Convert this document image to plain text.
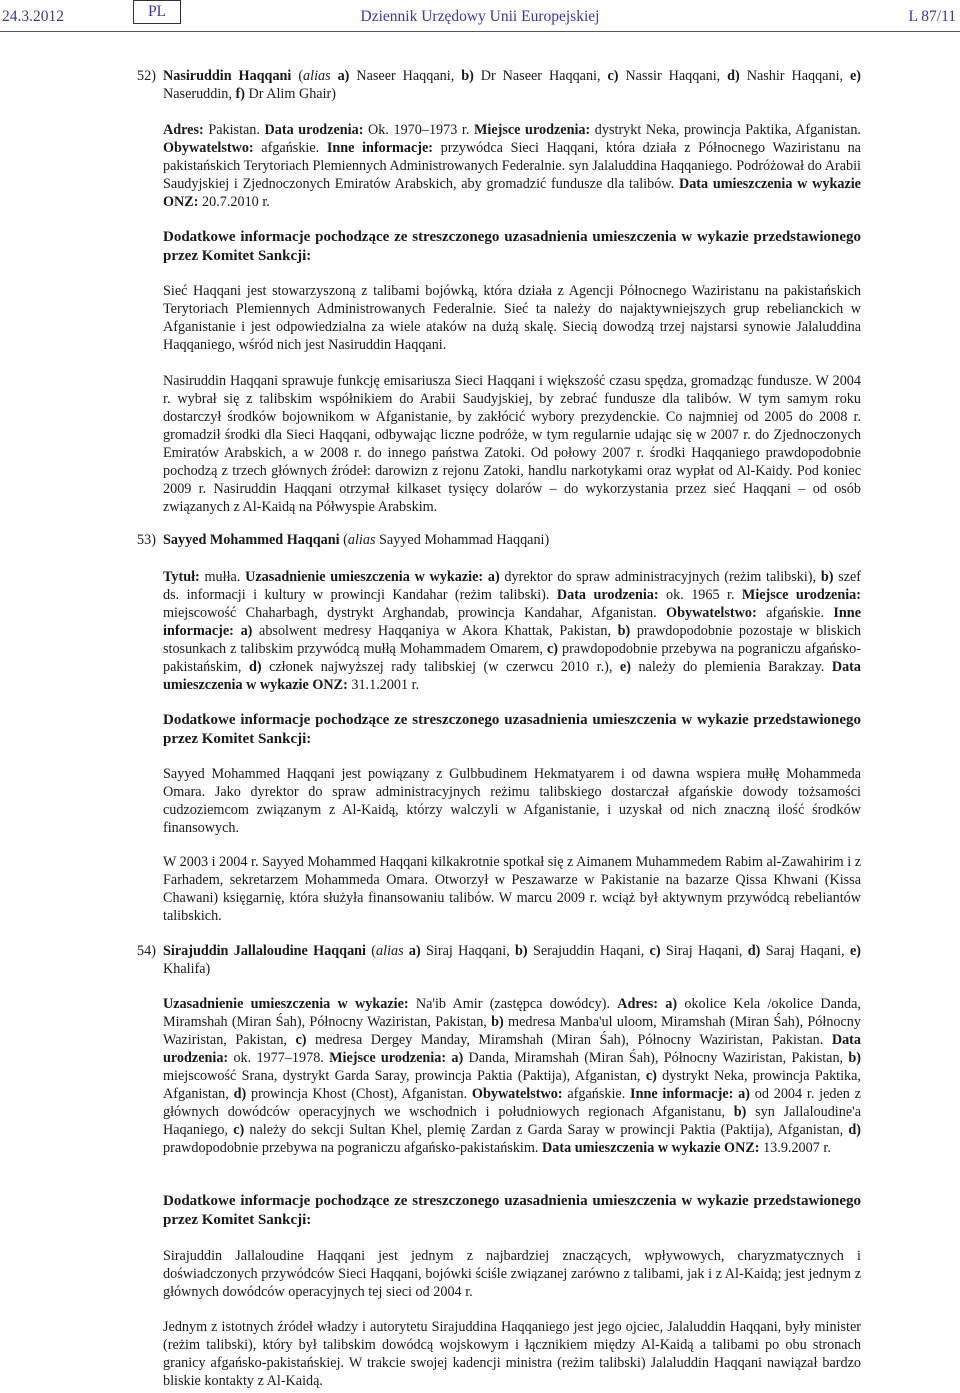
24.3.2012	PL	Dziennik Urzędowy Unii Europejskiej	L 87/11
52) Nasiruddin Haqqani (alias a) Naseer Haqqani, b) Dr Naseer Haqqani, c) Nassir Haqqani, d) Nashir Haqqani, e) Naseruddin, f) Dr Alim Ghair)
Adres: Pakistan. Data urodzenia: Ok. 1970–1973 r. Miejsce urodzenia: dystrykt Neka, prowincja Paktika, Afganistan. Obywatelstwo: afgańskie. Inne informacje: przywódca Sieci Haqqani, która działa z Północnego Waziristanu na pakistańskich Terytoriach Plemiennych Administrowanych Federalnie. syn Jalaluddina Haqqaniego. Podróżował do Arabii Saudyjskiej i Zjednoczonych Emiratów Arabskich, aby gromadzić fundusze dla talibów. Data umieszczenia w wykazie ONZ: 20.7.2010 r.
Dodatkowe informacje pochodzące ze streszczonego uzasadnienia umieszczenia w wykazie przedstawionego przez Komitet Sankcji:
Sieć Haqqani jest stowarzyszoną z talibami bojówką, która działa z Agencji Północnego Waziristanu na pakistańskich Terytoriach Plemiennych Administrowanych Federalnie. Sieć ta należy do najaktywniejszych grup rebelianckich w Afganistanie i jest odpowiedzialna za wiele ataków na dużą skalę. Siecią dowodzą trzej najstarsi synowie Jalaluddina Haqqaniego, wśród nich jest Nasiruddin Haqqani.
Nasiruddin Haqqani sprawuje funkcję emisariusza Sieci Haqqani i większość czasu spędza, gromadząc fundusze. W 2004 r. wybrał się z talibskim współnikiem do Arabii Saudyjskiej, by zebrać fundusze dla talibów. W tym samym roku dostarczył środków bojownikom w Afganistanie, by zakłócić wybory prezydenckie. Co najmniej od 2005 do 2008 r. gromadził środki dla Sieci Haqqani, odbywając liczne podróże, w tym regularnie udając się w 2007 r. do Zjednoczonych Emiratów Arabskich, a w 2008 r. do innego państwa Zatoki. Od połowy 2007 r. środki Haqqaniego prawdopodobnie pochodzą z trzech głównych źródeł: darowizn z rejonu Zatoki, handlu narkotykami oraz wypłat od Al-Kaidy. Pod koniec 2009 r. Nasiruddin Haqqani otrzymał kilkaset tysięcy dolarów – do wykorzystania przez sieć Haqqani – od osób związanych z Al-Kaidą na Półwyspie Arabskim.
53) Sayyed Mohammed Haqqani (alias Sayyed Mohammad Haqqani)
Tytuł: mułła. Uzasadnienie umieszczenia w wykazie: a) dyrektor do spraw administracyjnych (reżim talibski), b) szef ds. informacji i kultury w prowincji Kandahar (reżim talibski). Data urodzenia: ok. 1965 r. Miejsce urodzenia: miejscowość Chaharbagh, dystrykt Arghandab, prowincja Kandahar, Afganistan. Obywatelstwo: afgańskie. Inne informacje: a) absolwent medresy Haqqaniya w Akora Khattak, Pakistan, b) prawdopodobnie pozostaje w bliskich stosunkach z talibskim przywódcą mułłą Mohammadem Omarem, c) prawdopodobnie przebywa na pograniczu afgańsko-pakistańskim, d) członek najwyższej rady talibskiej (w czerwcu 2010 r.), e) należy do plemienia Barakzay. Data umieszczenia w wykazie ONZ: 31.1.2001 r.
Dodatkowe informacje pochodzące ze streszczonego uzasadnienia umieszczenia w wykazie przedstawionego przez Komitet Sankcji:
Sayyed Mohammed Haqqani jest powiązany z Gulbbudinem Hekmatyarem i od dawna wspiera mułłę Mohammeda Omara. Jako dyrektor do spraw administracyjnych reżimu talibskiego dostarczał afgańskie dowody tożsamości cudzoziemcom związanym z Al-Kaidą, którzy walczyli w Afganistanie, i uzyskał od nich znaczną ilość środków finansowych.
W 2003 i 2004 r. Sayyed Mohammed Haqqani kilkakrotnie spotkał się z Aimanem Muhammedem Rabim al-Zawahirim i z Farhadem, sekretarzem Mohammeda Omara. Otworzył w Peszawarze w Pakistanie na bazarze Qissa Khwani (Kissa Chawani) księgarnię, która służyła finansowaniu talibów. W marcu 2009 r. wciąż był aktywnym przywódcą rebeliantów talibskich.
54) Sirajuddin Jallaloudine Haqqani (alias a) Siraj Haqqani, b) Serajuddin Haqani, c) Siraj Haqani, d) Saraj Haqani, e) Khalifa)
Uzasadnienie umieszczenia w wykazie: Na'ib Amir (zastępca dowódcy). Adres: a) okolice Kela /okolice Danda, Miramshah (Miran Śah), Północny Waziristan, Pakistan, b) medresa Manba'ul uloom, Miramshah (Miran Śah), Północny Waziristan, Pakistan, c) medresa Dergey Manday, Miramshah (Miran Śah), Północny Waziristan, Pakistan. Data urodzenia: ok. 1977–1978. Miejsce urodzenia: a) Danda, Miramshah (Miran Śah), Północny Waziristan, Pakistan, b) miejscowość Srana, dystrykt Garda Saray, prowincja Paktia (Paktija), Afganistan, c) dystrykt Neka, prowincja Paktika, Afganistan, d) prowincja Khost (Chost), Afganistan. Obywatelstwo: afgańskie. Inne informacje: a) od 2004 r. jeden z głównych dowódców operacyjnych we wschodnich i południowych regionach Afganistanu, b) syn Jallaloudine'a Haqaniego, c) należy do sekcji Sultan Khel, plemię Zardan z Garda Saray w prowincji Paktia (Paktija), Afganistan, d) prawdopodobnie przebywa na pograniczu afgańsko-pakistańskim. Data umieszczenia w wykazie ONZ: 13.9.2007 r.
Dodatkowe informacje pochodzące ze streszczonego uzasadnienia umieszczenia w wykazie przedstawionego przez Komitet Sankcji:
Sirajuddin Jallaloudine Haqqani jest jednym z najbardziej znaczących, wpływowych, charyzmatycznych i doświadczonych przywódców Sieci Haqqani, bojówki ściśle związanej zarówno z talibami, jak i z Al-Kaidą; jest jednym z głównych dowódców operacyjnych tej sieci od 2004 r.
Jednym z istotnych źródeł władzy i autorytetu Sirajuddina Haqqaniego jest jego ojciec, Jalaluddin Haqqani, były minister (reżim talibski), który był talibskim dowódcą wojskowym i łącznikiem między Al-Kaidą a talibami po obu stronach granicy afgańsko-pakistańskiej. W trakcie swojej kadencji ministra (reżim talibski) Jalaluddin Haqqani nawiązał bardzo bliskie kontakty z Al-Kaidą.
